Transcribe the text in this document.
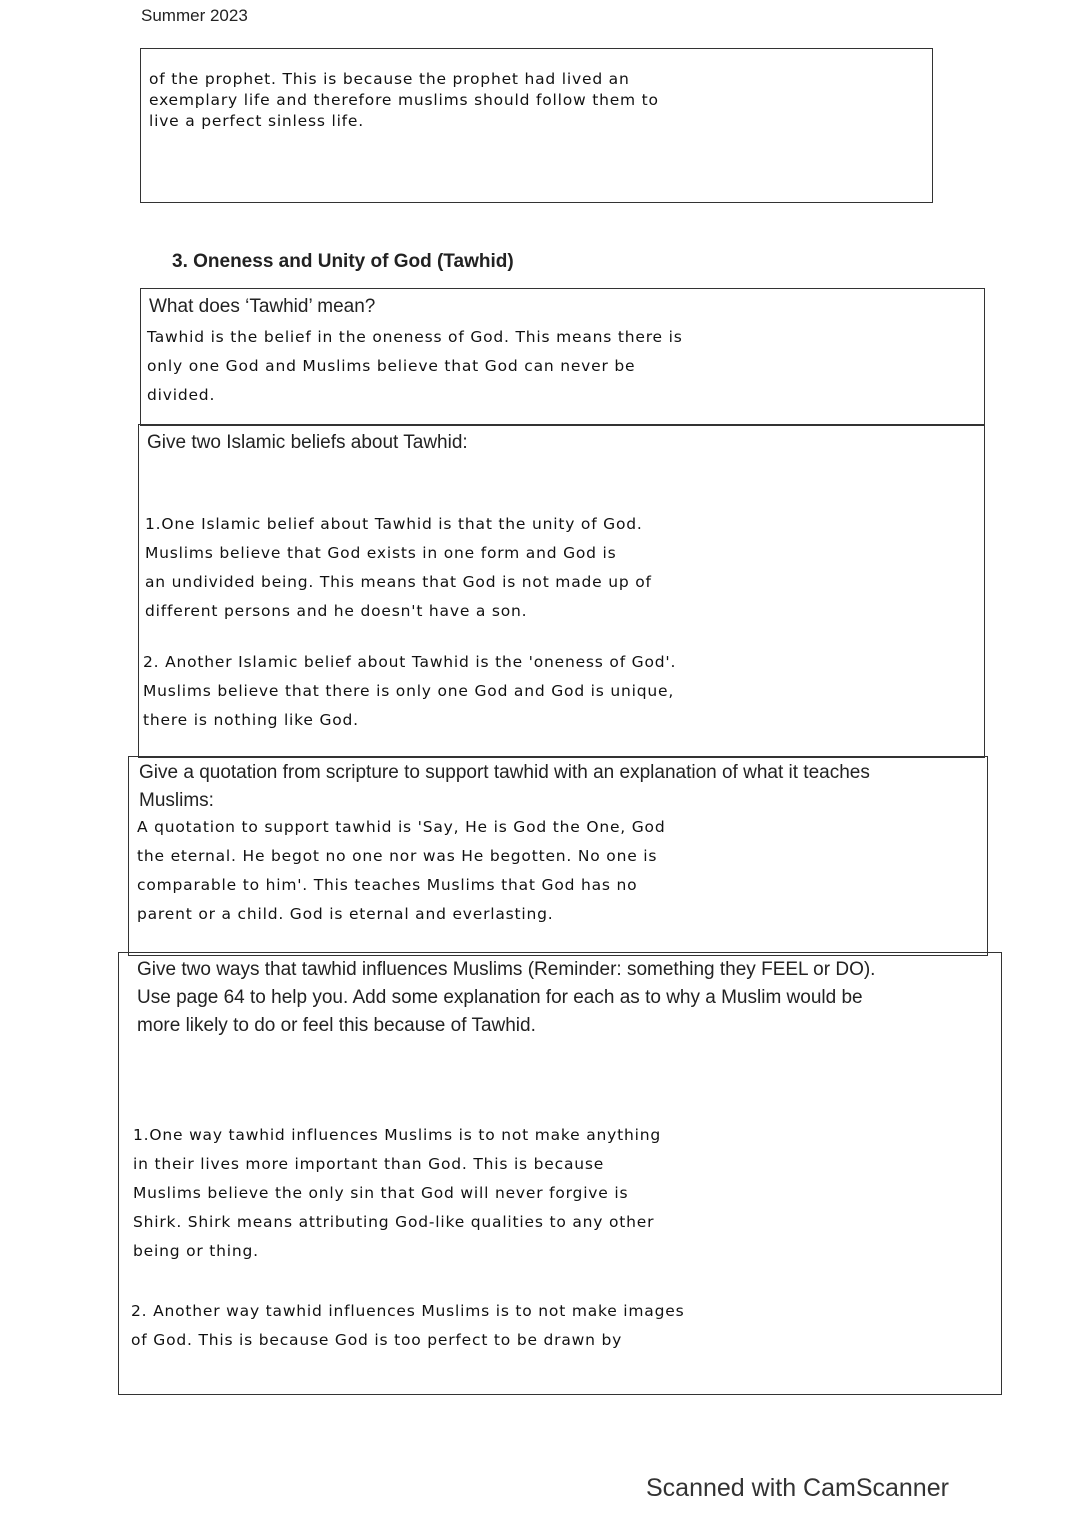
Summer 2023
of the prophet. This is because the prophet had lived an
exemplary life and therefore muslims should follow them to
live a perfect sinless life.
3. Oneness and Unity of God (Tawhid)
What does ‘Tawhid’ mean?
Tawhid is the belief in the oneness of God. This means there is
only one God and Muslims believe that God can never be
divided.
Give two Islamic beliefs about Tawhid:
1.One Islamic belief about Tawhid is that the unity of God.
Muslims believe that God exists in one form and God is
an undivided being. This means that God is not made up of
different persons and he doesn't have a son.
2. Another Islamic belief about Tawhid is the 'oneness of God'.
Muslims believe that there is only one God and God is unique,
there is nothing like God.
Give a quotation from scripture to support tawhid with an explanation of what it teaches
Muslims:
A quotation to support tawhid is 'Say, He is God the One, God
the eternal. He begot no one nor was He begotten. No one is
comparable to him'. This teaches Muslims that God has no
parent or a child. God is eternal and everlasting.
Give two ways that tawhid influences Muslims (Reminder: something they FEEL or DO).
Use page 64 to help you. Add some explanation for each as to why a Muslim would be
more likely to do or feel this because of Tawhid.
1.One way tawhid influences Muslims is to not make anything
in their lives more important than God. This is because
Muslims believe the only sin that God will never forgive is
Shirk. Shirk means attributing God-like qualities to any other
being or thing.
2. Another way tawhid influences Muslims is to not make images
of God. This is because God is too perfect to be drawn by
Scanned with CamScanner
